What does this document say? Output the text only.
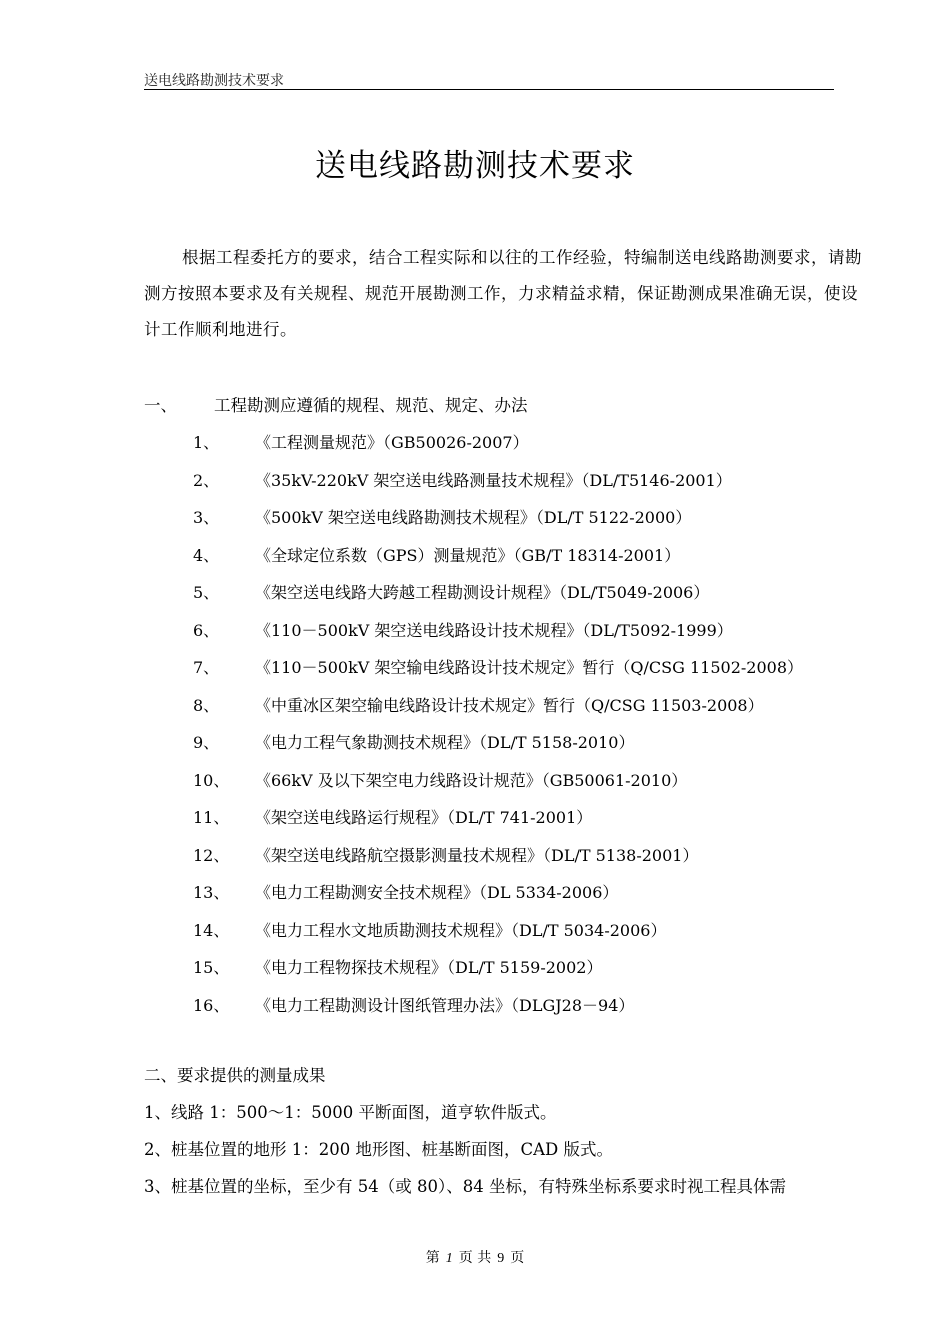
送电线路勘测技术要求
送电线路勘测技术要求
根据工程委托方的要求，结合工程实际和以往的工作经验，特编制送电线路勘测要求，请勘测方按照本要求及有关规程、规范开展勘测工作，力求精益求精，保证勘测成果准确无误，使设计工作顺利地进行。
一、 工程勘测应遵循的规程、规范、规定、办法
1、 《工程测量规范》（GB50026-2007）
2、 《35kV-220kV 架空送电线路测量技术规程》（DL/T5146-2001）
3、 《500kV 架空送电线路勘测技术规程》（DL/T 5122-2000）
4、 《全球定位系数（GPS）测量规范》（GB/T 18314-2001）
5、 《架空送电线路大跨越工程勘测设计规程》（DL/T5049-2006）
6、 《110－500kV 架空送电线路设计技术规程》（DL/T5092-1999）
7、 《110－500kV 架空输电线路设计技术规定》暂行（Q/CSG 11502-2008）
8、 《中重冰区架空输电线路设计技术规定》暂行（Q/CSG 11503-2008）
9、 《电力工程气象勘测技术规程》（DL/T 5158-2010）
10、 《66kV 及以下架空电力线路设计规范》（GB50061-2010）
11、 《架空送电线路运行规程》（DL/T 741-2001）
12、 《架空送电线路航空摄影测量技术规程》（DL/T 5138-2001）
13、 《电力工程勘测安全技术规程》（DL 5334-2006）
14、 《电力工程水文地质勘测技术规程》（DL/T 5034-2006）
15、 《电力工程物探技术规程》（DL/T 5159-2002）
16、 《电力工程勘测设计图纸管理办法》（DLGJ28－94）
二、要求提供的测量成果
1、线路 1：500～1：5000 平断面图，道亨软件版式。
2、桩基位置的地形 1：200 地形图、桩基断面图，CAD 版式。
3、桩基位置的坐标，至少有 54（或 80）、84 坐标，有特殊坐标系要求时视工程具体需
第 1 页 共 9 页
